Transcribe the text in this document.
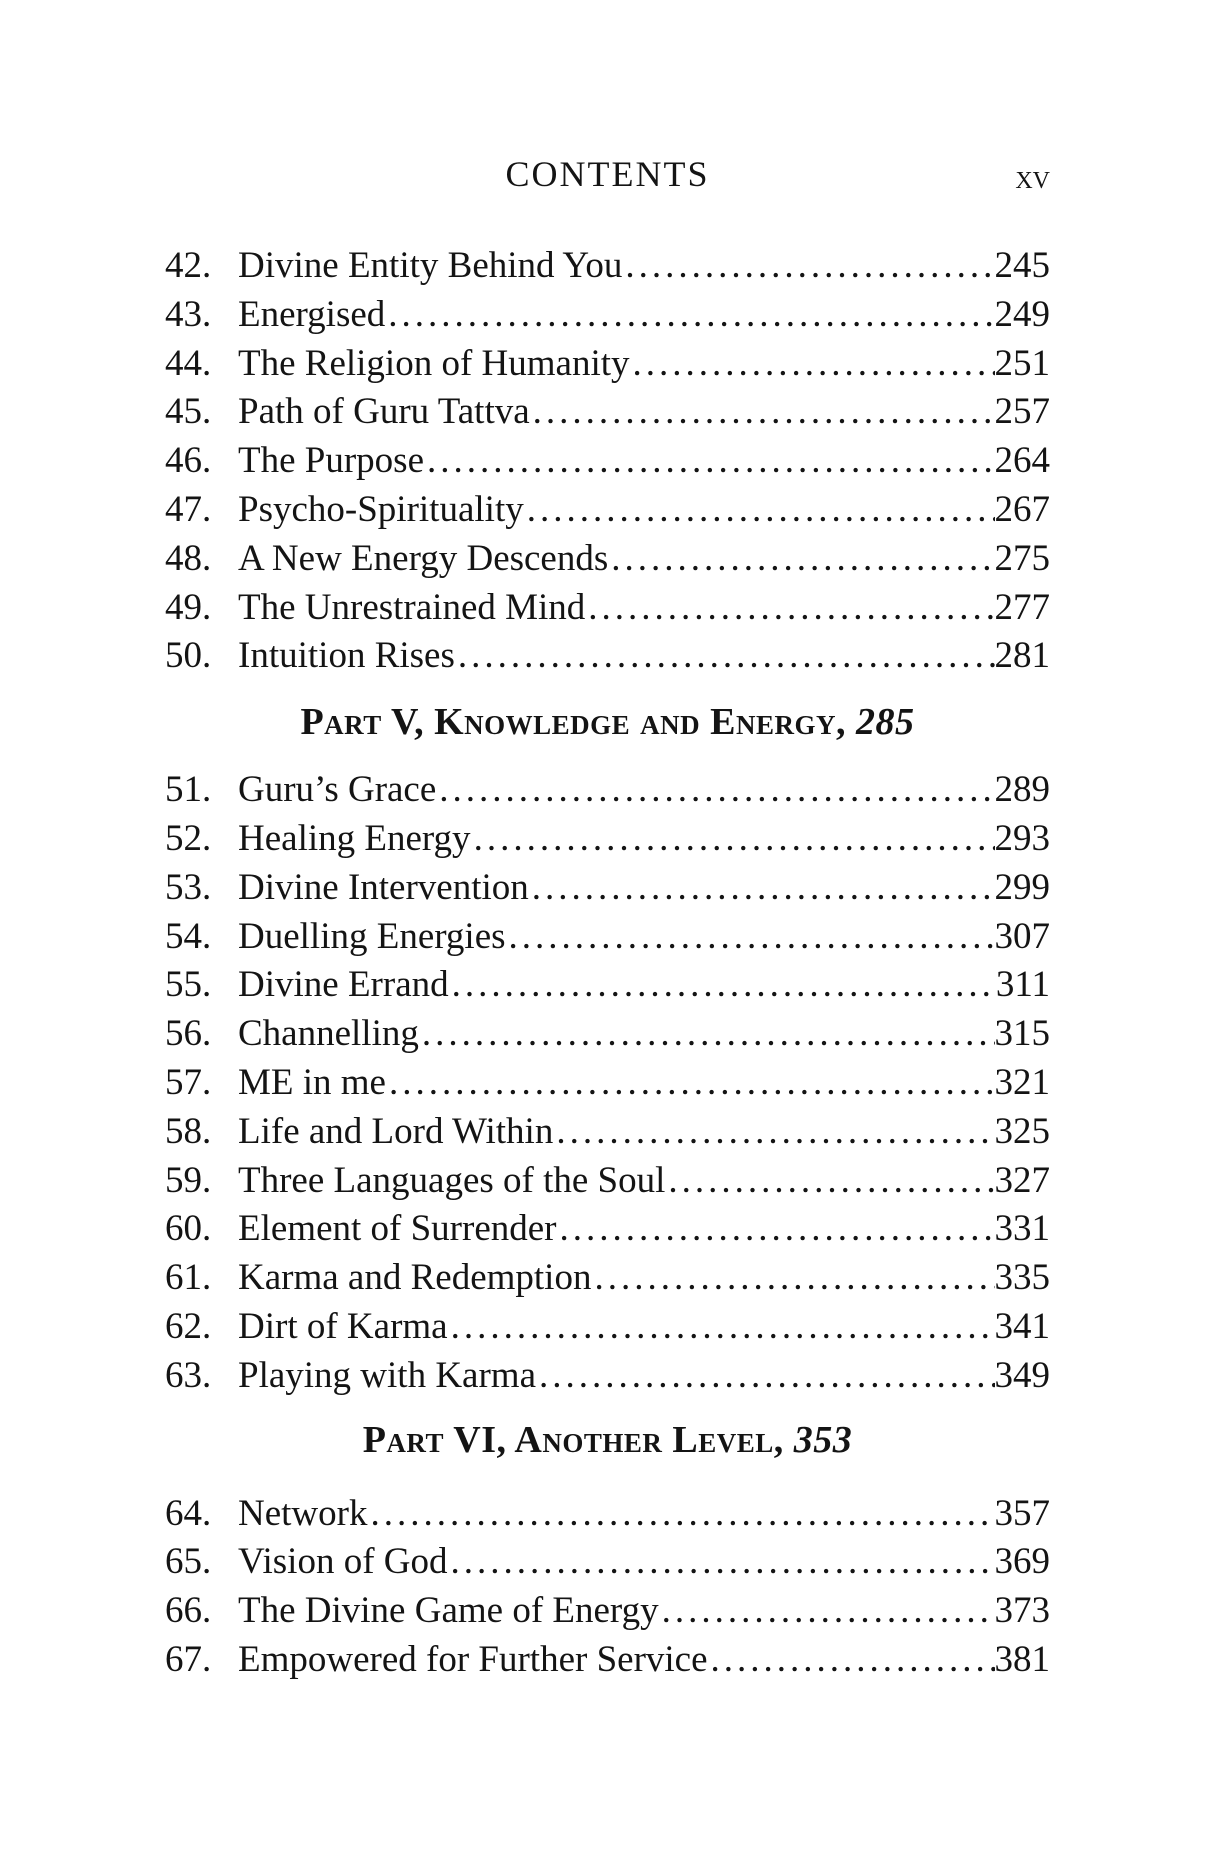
CONTENTS	xv
42. Divine Entity Behind You .....	245
43. Energised .....	249
44. The Religion of Humanity .....	251
45. Path of Guru Tattva .....	257
46. The Purpose .....	264
47. Psycho-Spirituality .....	267
48. A New Energy Descends .....	275
49. The Unrestrained Mind .....	277
50. Intuition Rises .....	281
Part V, Knowledge and Energy, 285
51. Guru’s Grace .....	289
52. Healing Energy .....	293
53. Divine Intervention .....	299
54. Duelling Energies .....	307
55. Divine Errand .....	311
56. Channelling .....	315
57. ME in me .....	321
58. Life and Lord Within .....	325
59. Three Languages of the Soul .....	327
60. Element of Surrender .....	331
61. Karma and Redemption .....	335
62. Dirt of Karma .....	341
63. Playing with Karma .....	349
Part VI, Another Level, 353
64. Network .....	357
65. Vision of God .....	369
66. The Divine Game of Energy .....	373
67. Empowered for Further Service .....	381
